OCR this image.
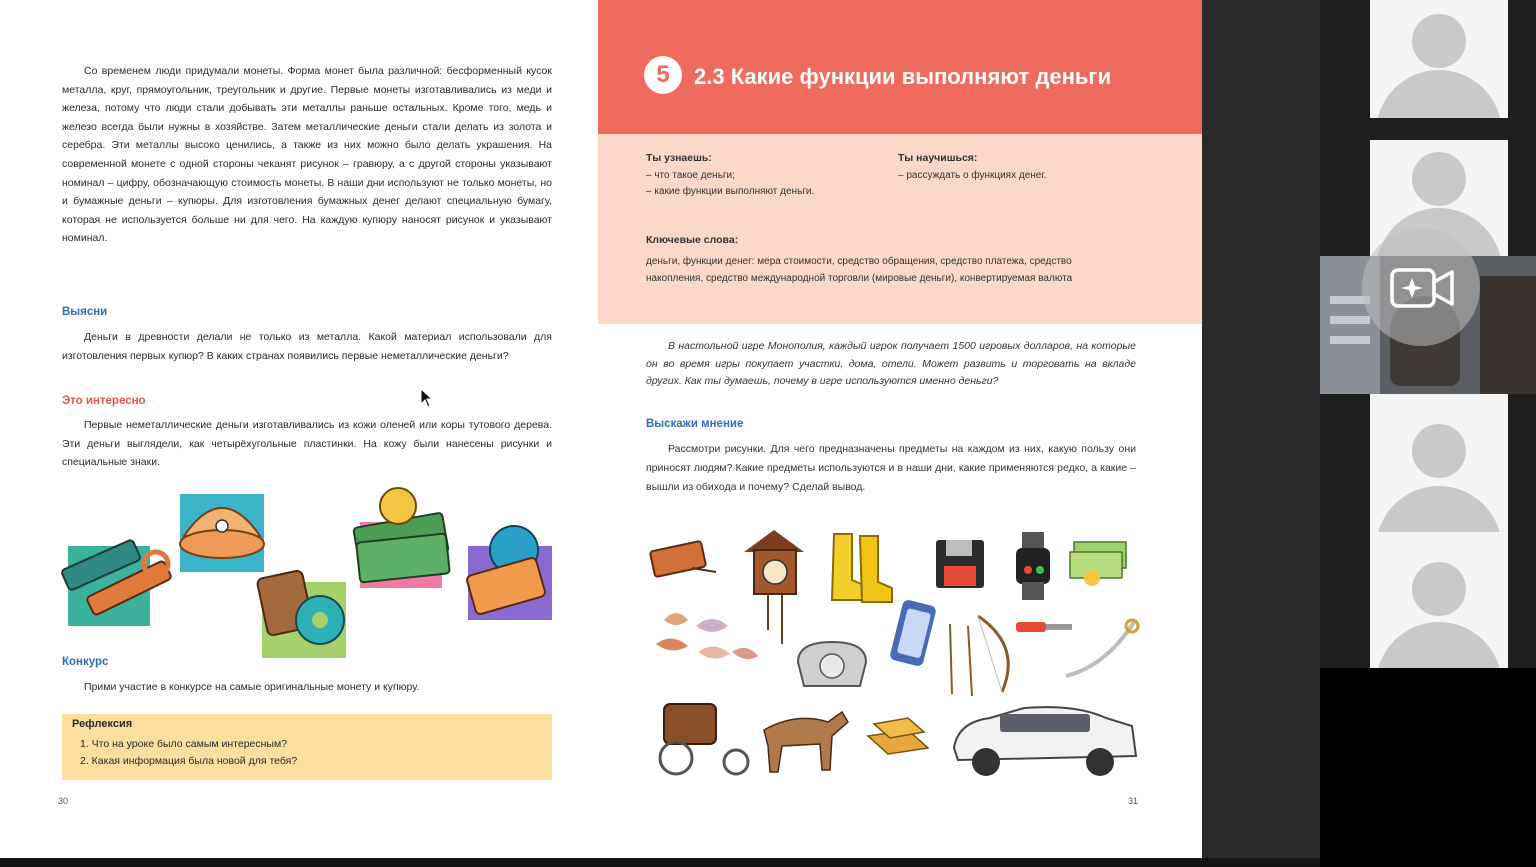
Со временем люди придумали монеты. Форма монет была различной: бесформенный кусок металла, круг, прямоугольник, треугольник и другие. Первые монеты изготавливались из меди и железа, потому что люди стали добывать эти металлы раньше остальных. Кроме того, медь и железо всегда были нужны в хозяйстве. Затем металлические деньги стали делать из золота и серебра. Эти металлы высоко ценились, а также из них можно было делать украшения. На современной монете с одной стороны чеканят рисунок – гравюру, а с другой стороны указывают номинал – цифру, обозначающую стоимость монеты. В наши дни используют не только монеты, но и бумажные деньги – купюры. Для изготовления бумажных денег делают специальную бумагу, которая не используется больше ни для чего. На каждую купюру наносят рисунок и указывают номинал.
Выясни
Деньги в древности делали не только из металла. Какой материал использовали для изготовления первых купюр? В каких странах появились первые неметаллические деньги?
Это интересно
Первые неметаллические деньги изготавливались из кожи оленей или коры тутового дерева. Эти деньги выглядели, как четырёхугольные пластинки. На кожу были нанесены рисунки и специальные знаки.
Конкурс
Прими участие в конкурсе на самые оригинальные монету и купюру.
Рефлексия
1. Что на уроке было самым интересным?
2. Какая информация была новой для тебя?
30
5	2.3 Какие функции выполняют деньги
Ты узнаешь:
– что такое деньги;
– какие функции выполняют деньги.
Ты научишься:
– рассуждать о функциях денег.
Ключевые слова:
деньги, функции денег: мера стоимости, средство обращения, средство платежа, средство накопления, средство международной торговли (мировые деньги), конвертируемая валюта
В настольной игре Монополия, каждый игрок получает 1500 игровых долларов, на которые он во время игры покупает участки, дома, отели. Может развить и торговать на вкладе других. Как ты думаешь, почему в игре используются именно деньги?
Выскажи мнение
Рассмотри рисунки. Для чего предназначены предметы на каждом из них, какую пользу они приносят людям? Какие предметы используются и в наши дни, какие применяются редко, а какие – вышли из обихода и почему? Сделай вывод.
31
